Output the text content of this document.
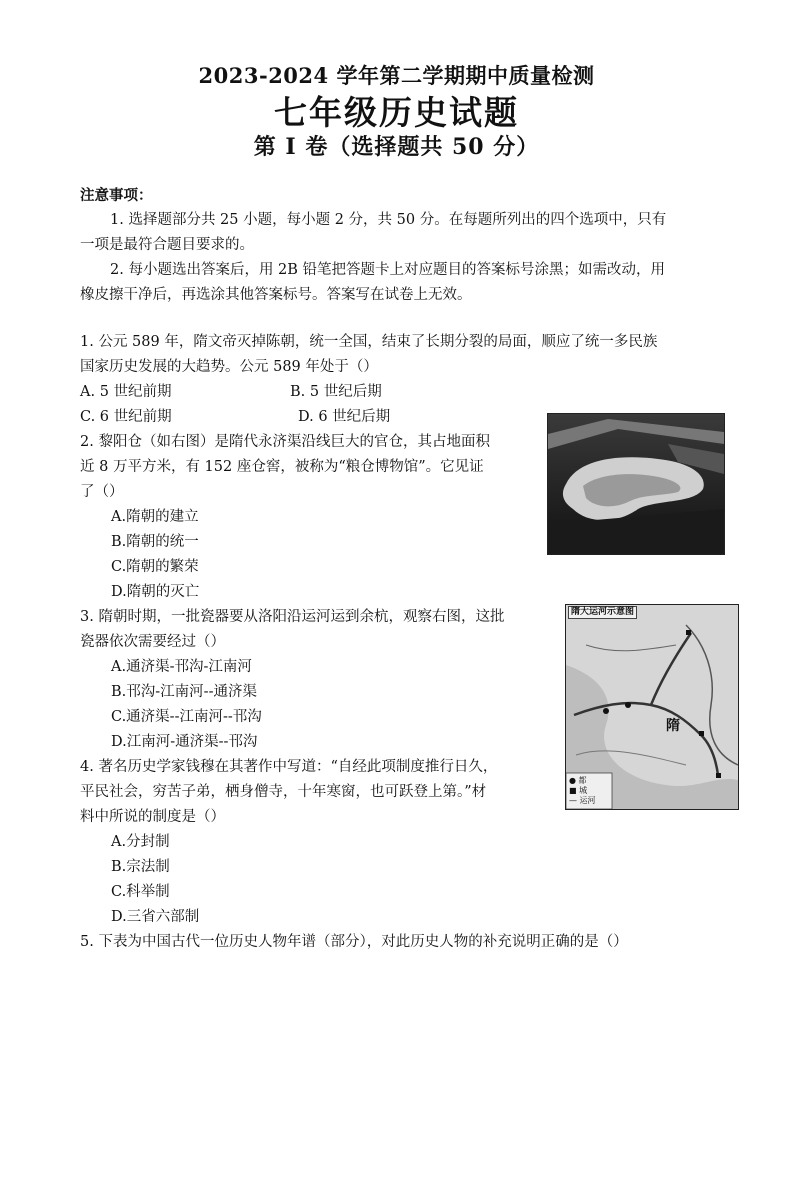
2023-2024 学年第二学期期中质量检测
七年级历史试题
第 I 卷（选择题共 50 分）
注意事项：
1. 选择题部分共 25 小题，每小题 2 分，共 50 分。在每题所列出的四个选项中，只有
一项是最符合题目要求的。
2. 每小题选出答案后，用 2B 铅笔把答题卡上对应题目的答案标号涂黑；如需改动，用
橡皮擦干净后，再选涂其他答案标号。答案写在试卷上无效。
1. 公元 589 年，隋文帝灭掉陈朝，统一全国，结束了长期分裂的局面，顺应了统一多民族
国家历史发展的大趋势。公元 589 年处于（）
A. 5 世纪前期	B. 5 世纪后期
C. 6 世纪前期	D. 6 世纪后期
2. 黎阳仓（如右图）是隋代永济渠沿线巨大的官仓，其占地面积
近 8 万平方米，有 152 座仓窖，被称为“粮仓博物馆”。它见证
了（）
A.隋朝的建立
B.隋朝的统一
C.隋朝的繁荣
D.隋朝的灭亡
3. 隋朝时期，一批瓷器要从洛阳沿运河运到余杭，观察右图，这批
瓷器依次需要经过（）
A.通济渠-邗沟-江南河
B.邗沟-江南河--通济渠
C.通济渠--江南河--邗沟
D.江南河-通济渠--邗沟
隋大运河示意图
隋
● 都
■ 城
— 运河
4. 著名历史学家钱穆在其著作中写道：“自经此项制度推行日久，
平民社会，穷苦子弟，栖身僧寺，十年寒窗，也可跃登上第。”材
料中所说的制度是（）
A.分封制
B.宗法制
C.科举制
D.三省六部制
5. 下表为中国古代一位历史人物年谱（部分），对此历史人物的补充说明正确的是（）
